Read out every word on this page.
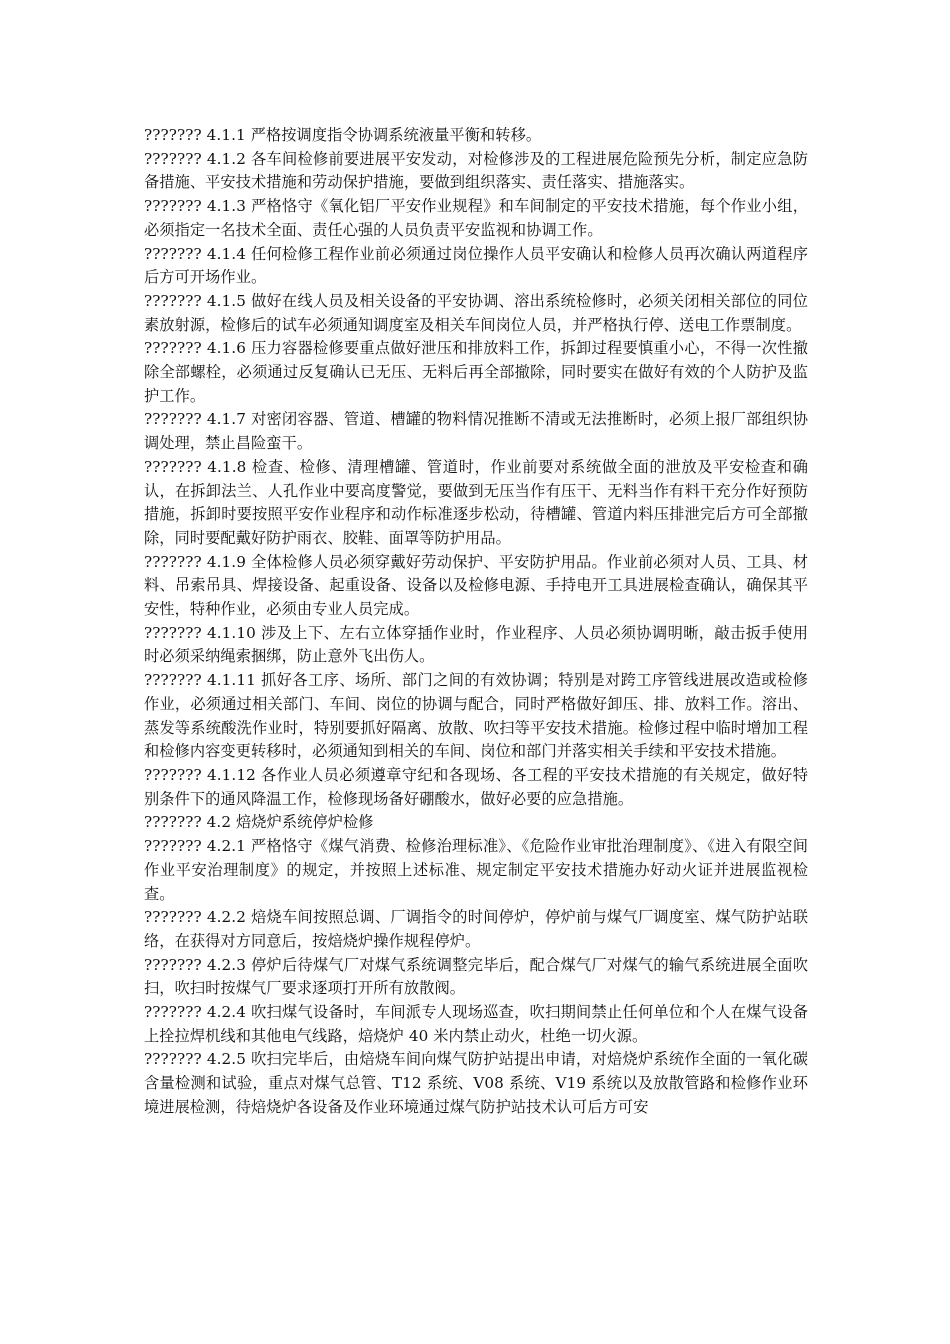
??????? 4.1.1 严格按调度指令协调系统液量平衡和转移。

??????? 4.1.2 各车间检修前要进展平安发动，对检修涉及的工程进展危险预先分析，制定应急防备措施、平安技术措施和劳动保护措施，要做到组织落实、责任落实、措施落实。

??????? 4.1.3 严格恪守《氧化铝厂平安作业规程》和车间制定的平安技术措施，每个作业小组，必须指定一名技术全面、责任心强的人员负责平安监视和协调工作。

??????? 4.1.4 任何检修工程作业前必须通过岗位操作人员平安确认和检修人员再次确认两道程序后方可开场作业。

??????? 4.1.5 做好在线人员及相关设备的平安协调、溶出系统检修时，必须关闭相关部位的同位素放射源，检修后的试车必须通知调度室及相关车间岗位人员，并严格执行停、送电工作票制度。

??????? 4.1.6 压力容器检修要重点做好泄压和排放料工作，拆卸过程要慎重小心，不得一次性撤除全部螺栓，必须通过反复确认已无压、无料后再全部撤除，同时要实在做好有效的个人防护及监护工作。

??????? 4.1.7 对密闭容器、管道、槽罐的物料情况推断不清或无法推断时，必须上报厂部组织协调处理，禁止昌险蛮干。

??????? 4.1.8 检查、检修、清理槽罐、管道时，作业前要对系统做全面的泄放及平安检查和确认，在拆卸法兰、人孔作业中要高度警觉，要做到无压当作有压干、无料当作有料干充分作好预防措施，拆卸时要按照平安作业程序和动作标准逐步松动，待槽罐、管道内料压排泄完后方可全部撤除，同时要配戴好防护雨衣、胶鞋、面罩等防护用品。

??????? 4.1.9 全体检修人员必须穿戴好劳动保护、平安防护用品。作业前必须对人员、工具、材料、吊索吊具、焊接设备、起重设备、设备以及检修电源、手持电开工具进展检查确认，确保其平安性，特种作业，必须由专业人员完成。

??????? 4.1.10 涉及上下、左右立体穿插作业时，作业程序、人员必须协调明晰，敲击扳手使用时必须采纳绳索捆绑，防止意外飞出伤人。

??????? 4.1.11 抓好各工序、场所、部门之间的有效协调；特别是对跨工序管线进展改造或检修作业，必须通过相关部门、车间、岗位的协调与配合，同时严格做好卸压、排、放料工作。溶出、蒸发等系统酸洗作业时，特别要抓好隔离、放散、吹扫等平安技术措施。检修过程中临时增加工程和检修内容变更转移时，必须通知到相关的车间、岗位和部门并落实相关手续和平安技术措施。

??????? 4.1.12 各作业人员必须遵章守纪和各现场、各工程的平安技术措施的有关规定，做好特别条件下的通风降温工作，检修现场备好硼酸水，做好必要的应急措施。

??????? 4.2 焙烧炉系统停炉检修

??????? 4.2.1 严格恪守《煤气消费、检修治理标准》、《危险作业审批治理制度》、《进入有限空间作业平安治理制度》的规定，并按照上述标准、规定制定平安技术措施办好动火证并进展监视检查。

??????? 4.2.2 焙烧车间按照总调、厂调指令的时间停炉，停炉前与煤气厂调度室、煤气防护站联络，在获得对方同意后，按焙烧炉操作规程停炉。

??????? 4.2.3 停炉后待煤气厂对煤气系统调整完毕后，配合煤气厂对煤气的输气系统进展全面吹扫，吹扫时按煤气厂要求逐项打开所有放散阀。

??????? 4.2.4 吹扫煤气设备时，车间派专人现场巡查，吹扫期间禁止任何单位和个人在煤气设备上拴拉焊机线和其他电气线路，焙烧炉 40 米内禁止动火，杜绝一切火源。

??????? 4.2.5 吹扫完毕后，由焙烧车间向煤气防护站提出申请，对焙烧炉系统作全面的一氧化碳含量检测和试验，重点对煤气总管、T12 系统、V08 系统、V19 系统以及放散管路和检修作业环境进展检测，待焙烧炉各设备及作业环境通过煤气防护站技术认可后方可安
